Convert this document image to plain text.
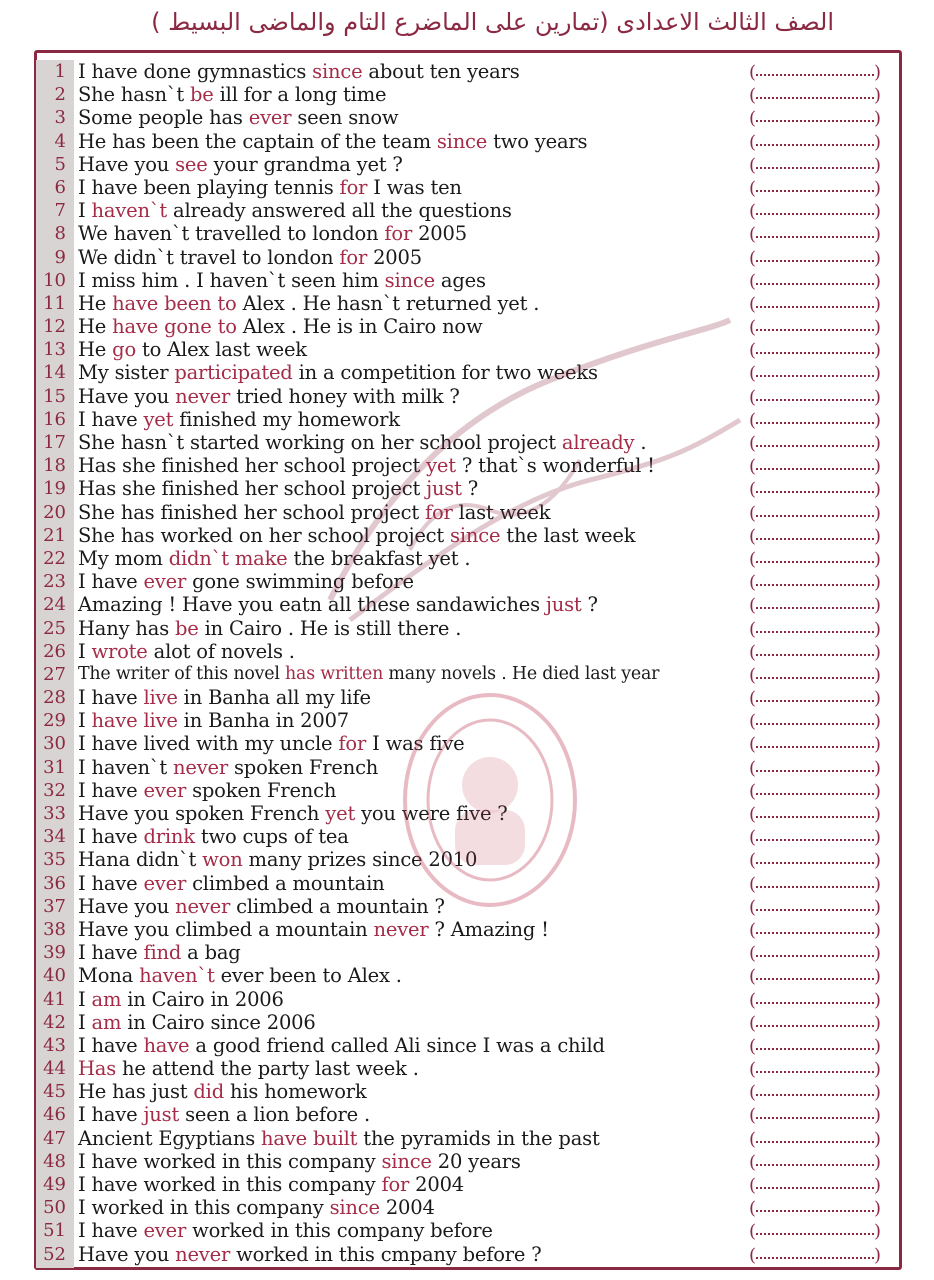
الصف الثالث الاعدادى (تمارين على الماضرع التام والماضى البسيط )
1 I have done gymnastics since about ten years	(	)
2 She hasn`t be ill for a long time	(	)
3 Some people has ever seen snow	(	)
4 He has been the captain of the team since two years	(	)
5 Have you see your grandma yet ?	(	)
6 I have been playing tennis for I was ten	(	)
7 I haven`t already answered all the questions	(	)
8 We haven`t travelled to london for 2005	(	)
9 We didn`t travel to london for 2005	(	)
10 I miss him . I haven`t seen him since ages	(	)
11 He have been to Alex . He hasn`t returned yet .	(	)
12 He have gone to Alex . He is in Cairo now	(	)
13 He go to Alex last week	(	)
14 My sister participated in a competition for two weeks	(	)
15 Have you never tried honey with milk ?	(	)
16 I have yet finished my homework	(	)
17 She hasn`t started working on her school project already .	(	)
18 Has she finished her school project yet ? that`s wonderful !	(	)
19 Has she finished her school project just ?	(	)
20 She has finished her school project for last week	(	)
21 She has worked on her school project since the last week	(	)
22 My mom didn`t make the breakfast yet .	(	)
23 I have ever gone swimming before	(	)
24 Amazing ! Have you eatn all these sandawiches just ?	(	)
25 Hany has be in Cairo . He is still there .	(	)
26 I wrote alot of novels .	(	)
27 The writer of this novel has written many novels . He died last year	(	)
28 I have live in Banha all my life	(	)
29 I have live in Banha in 2007	(	)
30 I have lived with my uncle for I was five	(	)
31 I haven`t never spoken French	(	)
32 I have ever spoken French	(	)
33 Have you spoken French yet you were five ?	(	)
34 I have drink two cups of tea	(	)
35 Hana didn`t won many prizes since 2010	(	)
36 I have ever climbed a mountain	(	)
37 Have you never climbed a mountain ?	(	)
38 Have you climbed a mountain never ? Amazing !	(	)
39 I have find a bag	(	)
40 Mona haven`t ever been to Alex .	(	)
41 I am in Cairo in 2006	(	)
42 I am in Cairo since 2006	(	)
43 I have have a good friend called Ali since I was a child	(	)
44 Has he attend the party last week .	(	)
45 He has just did his homework	(	)
46 I have just seen a lion before .	(	)
47 Ancient Egyptians have built the pyramids in the past	(	)
48 I have worked in this company since 20 years	(	)
49 I have worked in this company for 2004	(	)
50 I worked in this company since 2004	(	)
51 I have ever worked in this company before	(	)
52 Have you never worked in this cmpany before ?	(	)
